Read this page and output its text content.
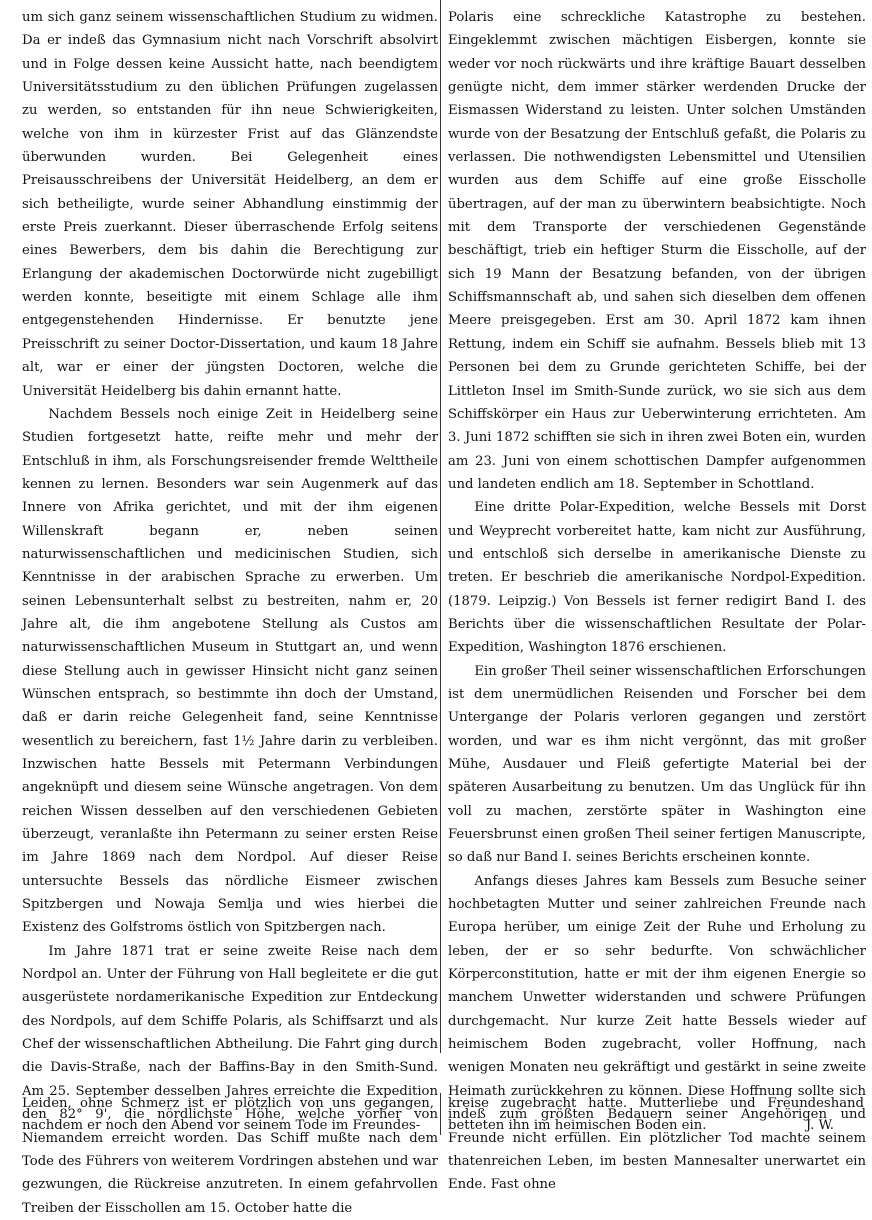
um sich ganz seinem wissenschaftlichen Studium zu widmen. Da er indeß das Gymnasium nicht nach Vorschrift absolvirt und in Folge dessen keine Aussicht hatte, nach beendigtem Universitätsstudium zu den üblichen Prüfungen zugelassen zu werden, so entstanden für ihn neue Schwierigkeiten, welche von ihm in kürzester Frist auf das Glänzendste überwunden wurden. Bei Gelegenheit eines Preisausschreibens der Universität Heidelberg, an dem er sich betheiligte, wurde seiner Abhandlung einstimmig der erste Preis zuerkannt. Dieser überraschende Erfolg seitens eines Bewerbers, dem bis dahin die Berechtigung zur Erlangung der akademischen Doctorwürde nicht zugebilligt werden konnte, beseitigte mit einem Schlage alle ihm entgegenstehenden Hindernisse. Er benutzte jene Preisschrift zu seiner Doctor-Dissertation, und kaum 18 Jahre alt, war er einer der jüngsten Doctoren, welche die Universität Heidelberg bis dahin ernannt hatte.

Nachdem Bessels noch einige Zeit in Heidelberg seine Studien fortgesetzt hatte, reifte mehr und mehr der Entschluß in ihm, als Forschungsreisender fremde Welttheile kennen zu lernen. Besonders war sein Augenmerk auf das Innere von Afrika gerichtet, und mit der ihm eigenen Willenskraft begann er, neben seinen naturwissenschaftlichen und medicinischen Studien, sich Kenntnisse in der arabischen Sprache zu erwerben. Um seinen Lebensunterhalt selbst zu bestreiten, nahm er, 20 Jahre alt, die ihm angebotene Stellung als Custos am naturwissenschaftlichen Museum in Stuttgart an, und wenn diese Stellung auch in gewisser Hinsicht nicht ganz seinen Wünschen entsprach, so bestimmte ihn doch der Umstand, daß er darin reiche Gelegenheit fand, seine Kenntnisse wesentlich zu bereichern, fast 1½ Jahre darin zu verbleiben. Inzwischen hatte Bessels mit Petermann Verbindungen angeknüpft und diesem seine Wünsche angetragen. Von dem reichen Wissen desselben auf den verschiedenen Gebieten überzeugt, veranlaßte ihn Petermann zu seiner ersten Reise im Jahre 1869 nach dem Nordpol. Auf dieser Reise untersuchte Bessels das nördliche Eismeer zwischen Spitzbergen und Nowaja Semlja und wies hierbei die Existenz des Golfstroms östlich von Spitzbergen nach.

Im Jahre 1871 trat er seine zweite Reise nach dem Nordpol an. Unter der Führung von Hall begleitete er die gut ausgerüstete nordamerikanische Expedition zur Entdeckung des Nordpols, auf dem Schiffe Polaris, als Schiffsarzt und als Chef der wissenschaftlichen Abtheilung. Die Fahrt ging durch die Davis-Straße, nach der Baffins-Bay in den Smith-Sund. Am 25. September desselben Jahres erreichte die Expedition den 82° 9', die nördlichste Höhe, welche vorher von Niemandem erreicht worden. Das Schiff mußte nach dem Tode des Führers von weiterem Vordringen abstehen und war gezwungen, die Rückreise anzutreten. In einem gefahrvollen Treiben der Eisschollen am 15. October hatte die

Polaris eine schreckliche Katastrophe zu bestehen. Eingeklemmt zwischen mächtigen Eisbergen, konnte sie weder vor noch rückwärts und ihre kräftige Bauart desselben genügte nicht, dem immer stärker werdenden Drucke der Eismassen Widerstand zu leisten. Unter solchen Umständen wurde von der Besatzung der Entschluß gefaßt, die Polaris zu verlassen. Die nothwendigsten Lebensmittel und Utensilien wurden aus dem Schiffe auf eine große Eisscholle übertragen, auf der man zu überwintern beabsichtigte. Noch mit dem Transporte der verschiedenen Gegenstände beschäftigt, trieb ein heftiger Sturm die Eisscholle, auf der sich 19 Mann der Besatzung befanden, von der übrigen Schiffsmannschaft ab, und sahen sich dieselben dem offenen Meere preisgegeben. Erst am 30. April 1872 kam ihnen Rettung, indem ein Schiff sie aufnahm. Bessels blieb mit 13 Personen bei dem zu Grunde gerichteten Schiffe, bei der Littleton Insel im Smith-Sunde zurück, wo sie sich aus dem Schiffskörper ein Haus zur Ueberwinterung errichteten. Am 3. Juni 1872 schifften sie sich in ihren zwei Boten ein, wurden am 23. Juni von einem schottischen Dampfer aufgenommen und landeten endlich am 18. September in Schottland.

Eine dritte Polar-Expedition, welche Bessels mit Dorst und Weyprecht vorbereitet hatte, kam nicht zur Ausführung, und entschloß sich derselbe in amerikanische Dienste zu treten. Er beschrieb die amerikanische Nordpol-Expedition. (1879. Leipzig.) Von Bessels ist ferner redigirt Band I. des Berichts über die wissenschaftlichen Resultate der Polar-Expedition, Washington 1876 erschienen.

Ein großer Theil seiner wissenschaftlichen Erforschungen ist dem unermüdlichen Reisenden und Forscher bei dem Untergange der Polaris verloren gegangen und zerstört worden, und war es ihm nicht vergönnt, das mit großer Mühe, Ausdauer und Fleiß gefertigte Material bei der späteren Ausarbeitung zu benutzen. Um das Unglück für ihn voll zu machen, zerstörte später in Washington eine Feuersbrunst einen großen Theil seiner fertigen Manuscripte, so daß nur Band I. seines Berichts erscheinen konnte.

Anfangs dieses Jahres kam Bessels zum Besuche seiner hochbetagten Mutter und seiner zahlreichen Freunde nach Europa herüber, um einige Zeit der Ruhe und Erholung zu leben, der er so sehr bedurfte. Von schwächlicher Körperconstitution, hatte er mit der ihm eigenen Energie so manchem Unwetter widerstanden und schwere Prüfungen durchgemacht. Nur kurze Zeit hatte Bessels wieder auf heimischem Boden zugebracht, voller Hoffnung, nach wenigen Monaten neu gekräftigt und gestärkt in seine zweite Heimath zurückkehren zu können. Diese Hoffnung sollte sich indeß zum größten Bedauern seiner Angehörigen und Freunde nicht erfüllen. Ein plötzlicher Tod machte seinem thatenreichen Leben, im besten Mannesalter unerwartet ein Ende. Fast ohne

Leiden, ohne Schmerz ist er plötzlich von uns gegangen, nachdem er noch den Abend vor seinem Tode im Freundes-
kreise zugebracht hatte. Mutterliebe und Freundeshand betteten ihn im heimischen Boden ein.	J. W.
